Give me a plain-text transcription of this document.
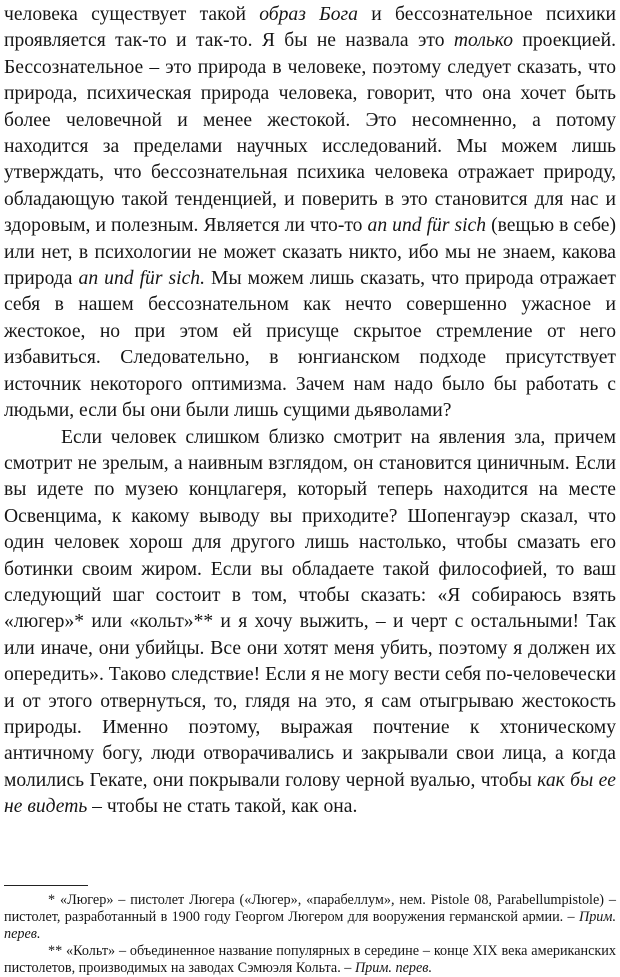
человека существует такой образ Бога и бессознательное психики проявляется так-то и так-то. Я бы не назвала это только проекцией. Бессознательное – это природа в человеке, поэтому следует сказать, что природа, психическая природа человека, говорит, что она хочет быть более человечной и менее жестокой. Это несомненно, а потому находится за пределами научных исследований. Мы можем лишь утверждать, что бессознательная психика человека отражает природу, обладающую такой тенденцией, и поверить в это становится для нас и здоровым, и полезным. Является ли что-то an und für sich (вещью в себе) или нет, в психологии не может сказать никто, ибо мы не знаем, какова природа an und für sich. Мы можем лишь сказать, что природа отражает себя в нашем бессознательном как нечто совершенно ужасное и жестокое, но при этом ей присуще скрытое стремление от него избавиться. Следовательно, в юнгианском подходе присутствует источник некоторого оптимизма. Зачем нам надо было бы работать с людьми, если бы они были лишь сущими дьяволами?

Если человек слишком близко смотрит на явления зла, причем смотрит не зрелым, а наивным взглядом, он становится циничным. Если вы идете по музею концлагеря, который теперь находится на месте Освенцима, к какому выводу вы приходите? Шопенгауэр сказал, что один человек хорош для другого лишь настолько, чтобы смазать его ботинки своим жиром. Если вы обладаете такой философией, то ваш следующий шаг состоит в том, чтобы сказать: «Я собираюсь взять «люгер»* или «кольт»** и я хочу выжить, – и черт с остальными! Так или иначе, они убийцы. Все они хотят меня убить, поэтому я должен их опередить». Таково следствие! Если я не могу вести себя по-человечески и от этого отвернуться, то, глядя на это, я сам отыгрываю жестокость природы. Именно поэтому, выражая почтение к хтоническому античному богу, люди отворачивались и закрывали свои лица, а когда молились Гекате, они покрывали голову черной вуалью, чтобы как бы ее не видеть – чтобы не стать такой, как она.

* «Люгер» – пистолет Люгера («Люгер», «парабеллум», нем. Pistole 08, Parabellumpistole) – пистолет, разработанный в 1900 году Георгом Люгером для вооружения германской армии. – Прим. перев.

** «Кольт» – объединенное название популярных в середине – конце XIX века американских пистолетов, производимых на заводах Сэмюэля Кольта. – Прим. перев.
